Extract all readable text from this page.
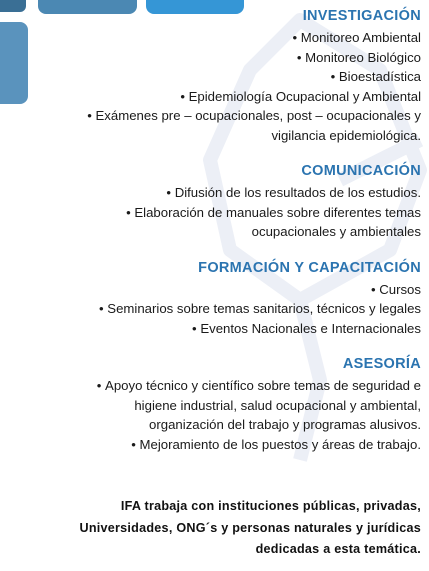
INVESTIGACIÓN
• Monitoreo Ambiental
• Monitoreo Biológico
• Bioestadística
• Epidemiología Ocupacional y Ambiental
• Exámenes pre – ocupacionales, post – ocupacionales y
vigilancia epidemiológica.
COMUNICACIÓN
• Difusión de los resultados de los estudios.
• Elaboración de manuales sobre diferentes temas
ocupacionales y ambientales
FORMACIÓN Y CAPACITACIÓN
• Cursos
• Seminarios sobre temas sanitarios, técnicos y legales
• Eventos Nacionales e Internacionales
ASESORÍA
• Apoyo técnico y científico sobre temas de seguridad e
higiene industrial, salud ocupacional y ambiental,
organización del trabajo y programas alusivos.
• Mejoramiento de los puestos y áreas de trabajo.
IFA trabaja con instituciones públicas, privadas,
Universidades, ONG´s y personas naturales y jurídicas
dedicadas a esta temática.
